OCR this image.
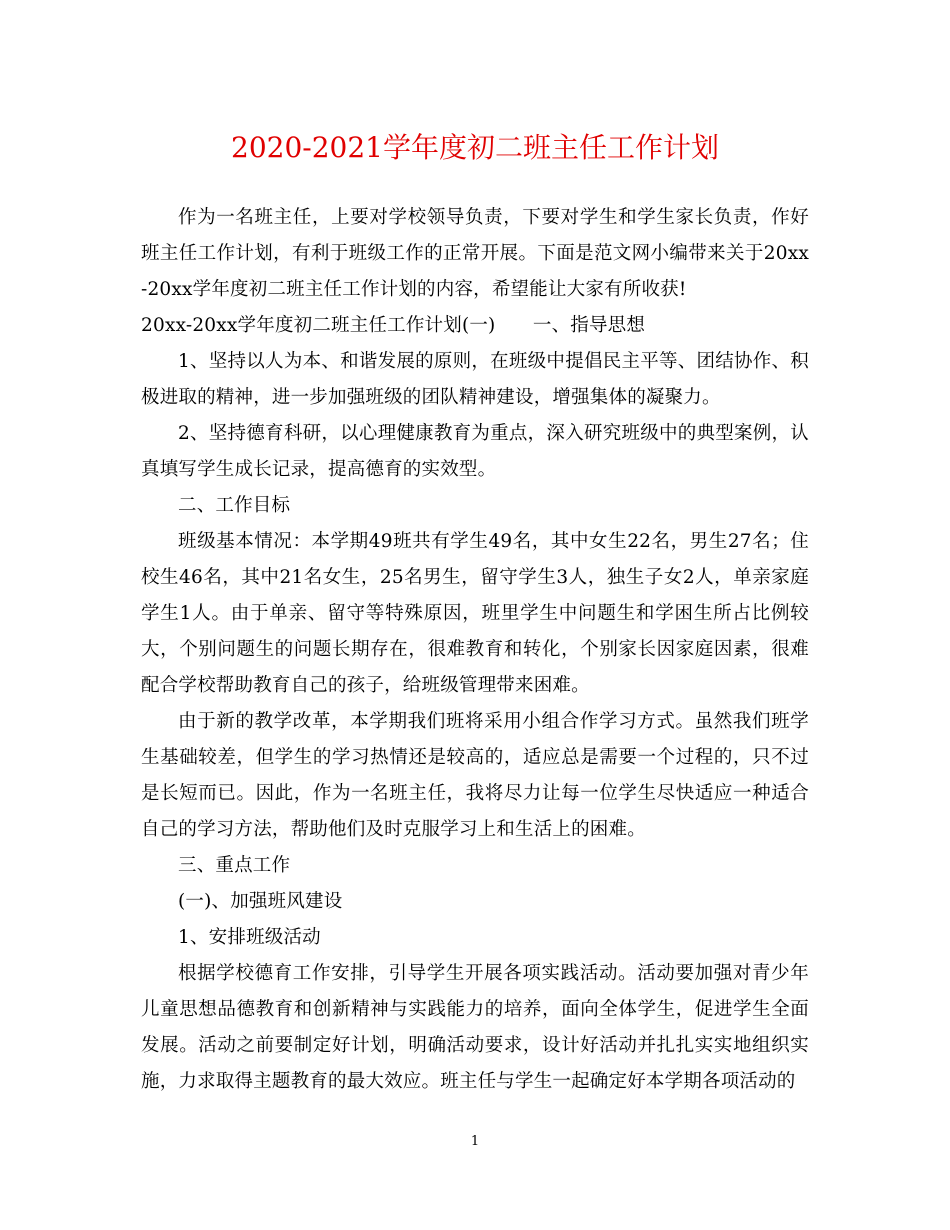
2020-2021学年度初二班主任工作计划

作为一名班主任，上要对学校领导负责，下要对学生和学生家长负责，作好班主任工作计划，有利于班级工作的正常开展。下面是范文网小编带来关于20xx-20xx学年度初二班主任工作计划的内容，希望能让大家有所收获!

20xx-20xx学年度初二班主任工作计划(一)　　一、指导思想

1、坚持以人为本、和谐发展的原则，在班级中提倡民主平等、团结协作、积极进取的精神，进一步加强班级的团队精神建设，增强集体的凝聚力。

2、坚持德育科研，以心理健康教育为重点，深入研究班级中的典型案例，认真填写学生成长记录，提高德育的实效型。

二、工作目标

班级基本情况：本学期49班共有学生49名，其中女生22名，男生27名；住校生46名，其中21名女生，25名男生，留守学生3人，独生子女2人，单亲家庭学生1人。由于单亲、留守等特殊原因，班里学生中问题生和学困生所占比例较大，个别问题生的问题长期存在，很难教育和转化，个别家长因家庭因素，很难配合学校帮助教育自己的孩子，给班级管理带来困难。

由于新的教学改革，本学期我们班将采用小组合作学习方式。虽然我们班学生基础较差，但学生的学习热情还是较高的，适应总是需要一个过程的，只不过是长短而已。因此，作为一名班主任，我将尽力让每一位学生尽快适应一种适合自己的学习方法，帮助他们及时克服学习上和生活上的困难。

三、重点工作

(一)、加强班风建设

1、安排班级活动

根据学校德育工作安排，引导学生开展各项实践活动。活动要加强对青少年儿童思想品德教育和创新精神与实践能力的培养，面向全体学生，促进学生全面发展。活动之前要制定好计划，明确活动要求，设计好活动并扎扎实实地组织实施，力求取得主题教育的最大效应。班主任与学生一起确定好本学期各项活动的

1
